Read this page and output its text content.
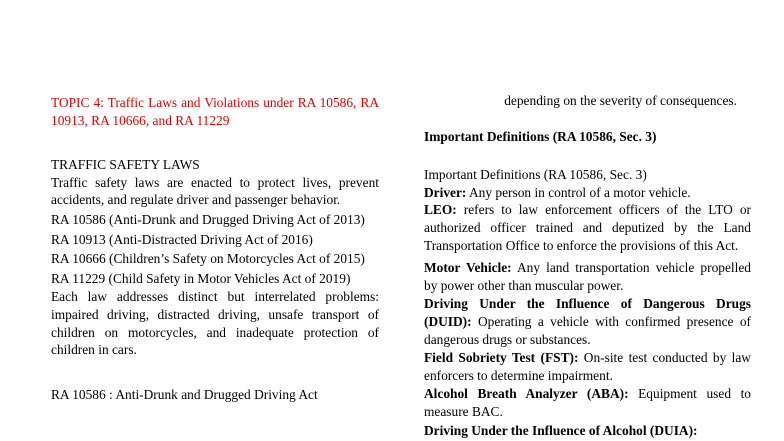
TOPIC 4: Traffic Laws and Violations under RA 10586, RA 10913, RA 10666, and RA 11229

TRAFFIC SAFETY LAWS

Traffic safety laws are enacted to protect lives, prevent accidents, and regulate driver and passenger behavior.

RA 10586 (Anti-Drunk and Drugged Driving Act of 2013)

RA 10913 (Anti-Distracted Driving Act of 2016)

RA 10666 (Children’s Safety on Motorcycles Act of 2015)

RA 11229 (Child Safety in Motor Vehicles Act of 2019)

Each law addresses distinct but interrelated problems: impaired driving, distracted driving, unsafe transport of children on motorcycles, and inadequate protection of children in cars.

RA 10586 : Anti-Drunk and Drugged Driving Act

depending on the severity of consequences.

Important Definitions (RA 10586, Sec. 3)

Important Definitions (RA 10586, Sec. 3)

Driver: Any person in control of a motor vehicle.

LEO: refers to law enforcement officers of the LTO or authorized officer trained and deputized by the Land Transportation Office to enforce the provisions of this Act.

Motor Vehicle: Any land transportation vehicle propelled by power other than muscular power.

Driving Under the Influence of Dangerous Drugs (DUID): Operating a vehicle with confirmed presence of dangerous drugs or substances.

Field Sobriety Test (FST): On-site test conducted by law enforcers to determine impairment.

Alcohol Breath Analyzer (ABA): Equipment used to measure BAC.

Driving Under the Influence of Alcohol (DUIA):
